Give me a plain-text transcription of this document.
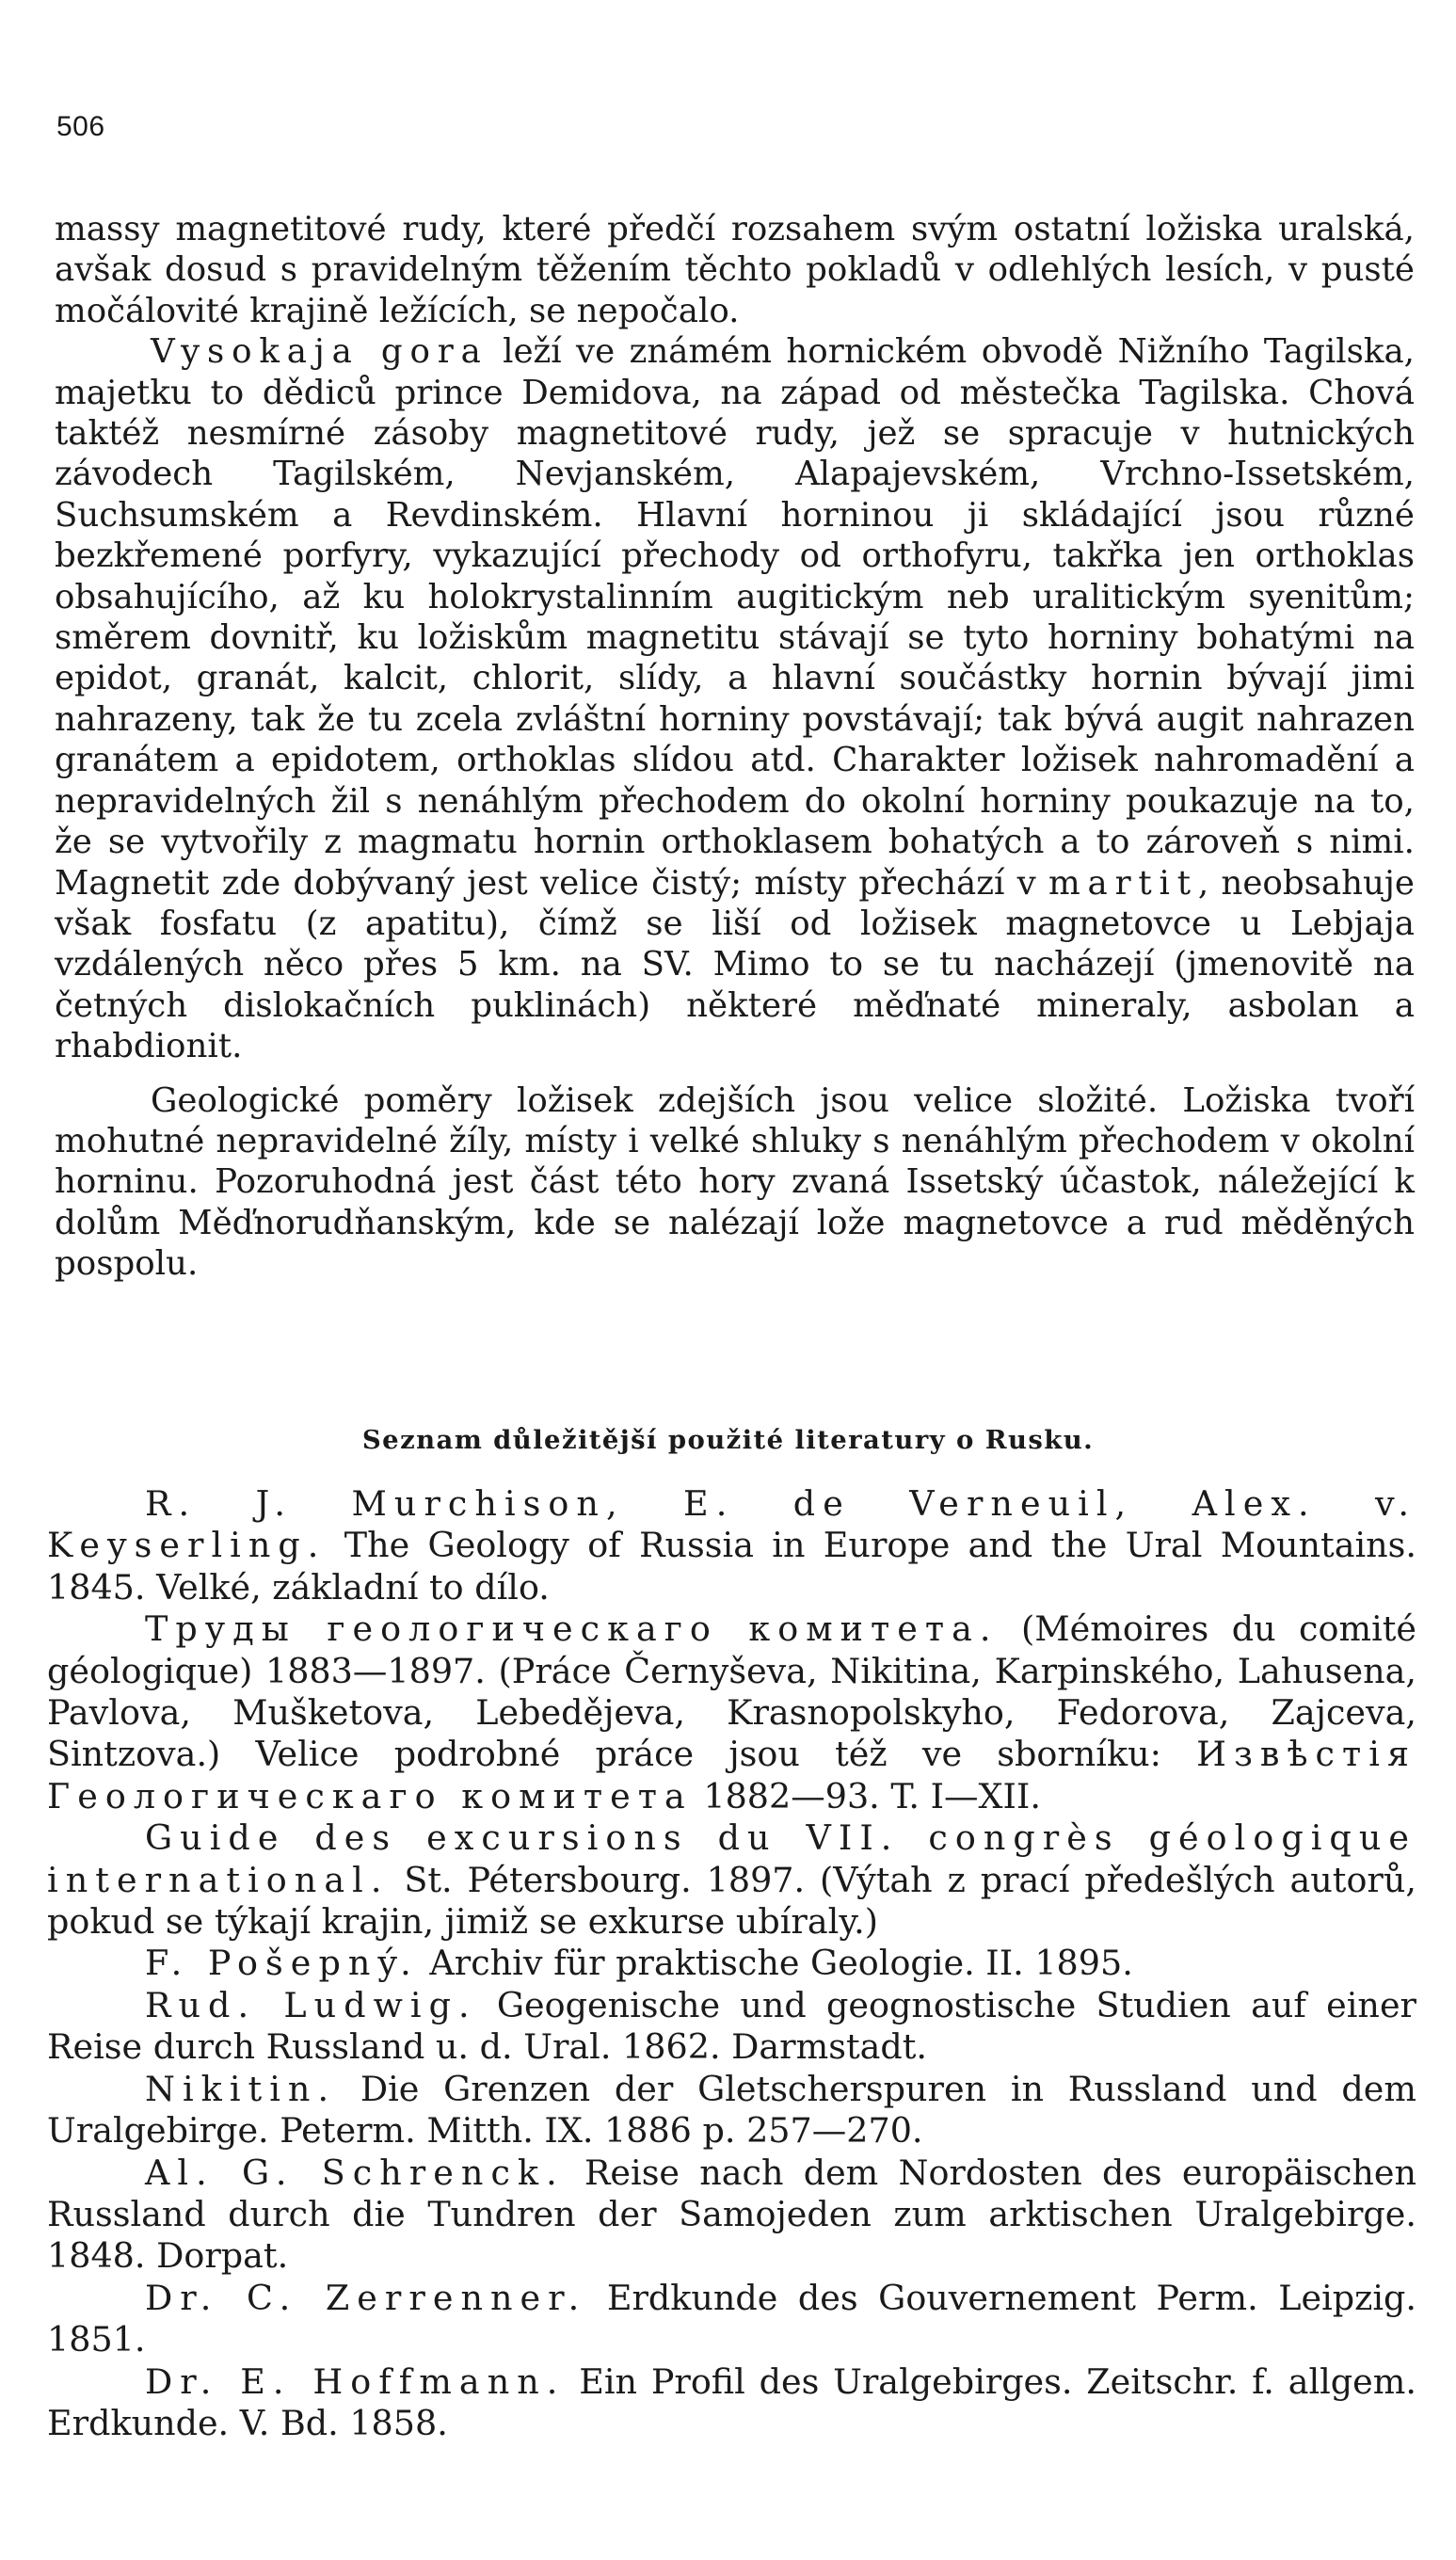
506

massy magnetitové rudy, které předčí rozsahem svým ostatní ložiska uralská, avšak dosud s pravidelným těžením těchto pokladů v odlehlých lesích, v pusté močálovité krajině ležících, se nepočalo.

Vysokaja gora leží ve známém hornickém obvodě Nižního Tagilska, majetku to dědiců prince Demidova, na západ od městečka Tagilska. Chová taktéž nesmírné zásoby magnetitové rudy, jež se spracuje v hutnických závodech Tagilském, Nevjanském, Alapajevském, Vrchno-Issetském, Suchsumském a Revdinském. Hlavní horninou ji skládající jsou různé bezkřemené porfyry, vykazující přechody od orthofyru, takřka jen orthoklas obsahujícího, až ku holokrystalinním augitickým neb uralitickým syenitům; směrem dovnitř, ku ložiskům magnetitu stávají se tyto horniny bohatými na epidot, granát, kalcit, chlorit, slídy, a hlavní součástky hornin bývají jimi nahrazeny, tak že tu zcela zvláštní horniny povstávají; tak bývá augit nahrazen granátem a epidotem, orthoklas slídou atd. Charakter ložisek nahromadění a nepravidelných žil s nenáhlým přechodem do okolní horniny poukazuje na to, že se vytvořily z magmatu hornin orthoklasem bohatých a to zároveň s nimi. Magnetit zde dobývaný jest velice čistý; místy přechází v martit, neobsahuje však fosfatu (z apatitu), čímž se liší od ložisek magnetovce u Lebjaja vzdálených něco přes 5 km. na SV. Mimo to se tu nacházejí (jmenovitě na četných dislokačních puklinách) některé měďnaté mineraly, asbolan a rhabdionit.

Geologické poměry ložisek zdejších jsou velice složité. Ložiska tvoří mohutné nepravidelné žíly, místy i velké shluky s nenáhlým přechodem v okolní horninu. Pozoruhodná jest část této hory zvaná Issetský účastok, náležející k dolům Měďnorudňanským, kde se nalézají lože magnetovce a rud měděných pospolu.

Seznam důležitější použité literatury o Rusku.

R. J. Murchison, E. de Verneuil, Alex. v. Keyserling. The Geology of Russia in Europe and the Ural Mountains. 1845. Velké, základní to dílo.

Труды геологическаго комитета. (Mémoires du comité géologique) 1883—1897. (Práce Černyševa, Nikitina, Karpinského, Lahusena, Pavlova, Mušketova, Lebedějeva, Krasnopolskyho, Fedorova, Zajceva, Sintzova.) Velice podrobné práce jsou též ve sborníku: Извѣстія Геологическаго комитета 1882—93. T. I—XII.

Guide des excursions du VII. congrès géologique international. St. Pétersbourg. 1897. (Výtah z prací předešlých autorů, pokud se týkají krajin, jimiž se exkurse ubíraly.)

F. Pošepný. Archiv für praktische Geologie. II. 1895.

Rud. Ludwig. Geogenische und geognostische Studien auf einer Reise durch Russland u. d. Ural. 1862. Darmstadt.

Nikitin. Die Grenzen der Gletscherspuren in Russland und dem Uralgebirge. Peterm. Mitth. IX. 1886 p. 257—270.

Al. G. Schrenck. Reise nach dem Nordosten des europäischen Russland durch die Tundren der Samojeden zum arktischen Uralgebirge. 1848. Dorpat.

Dr. C. Zerrenner. Erdkunde des Gouvernement Perm. Leipzig. 1851.

Dr. E. Hoffmann. Ein Profil des Uralgebirges. Zeitschr. f. allgem. Erdkunde. V. Bd. 1858.
